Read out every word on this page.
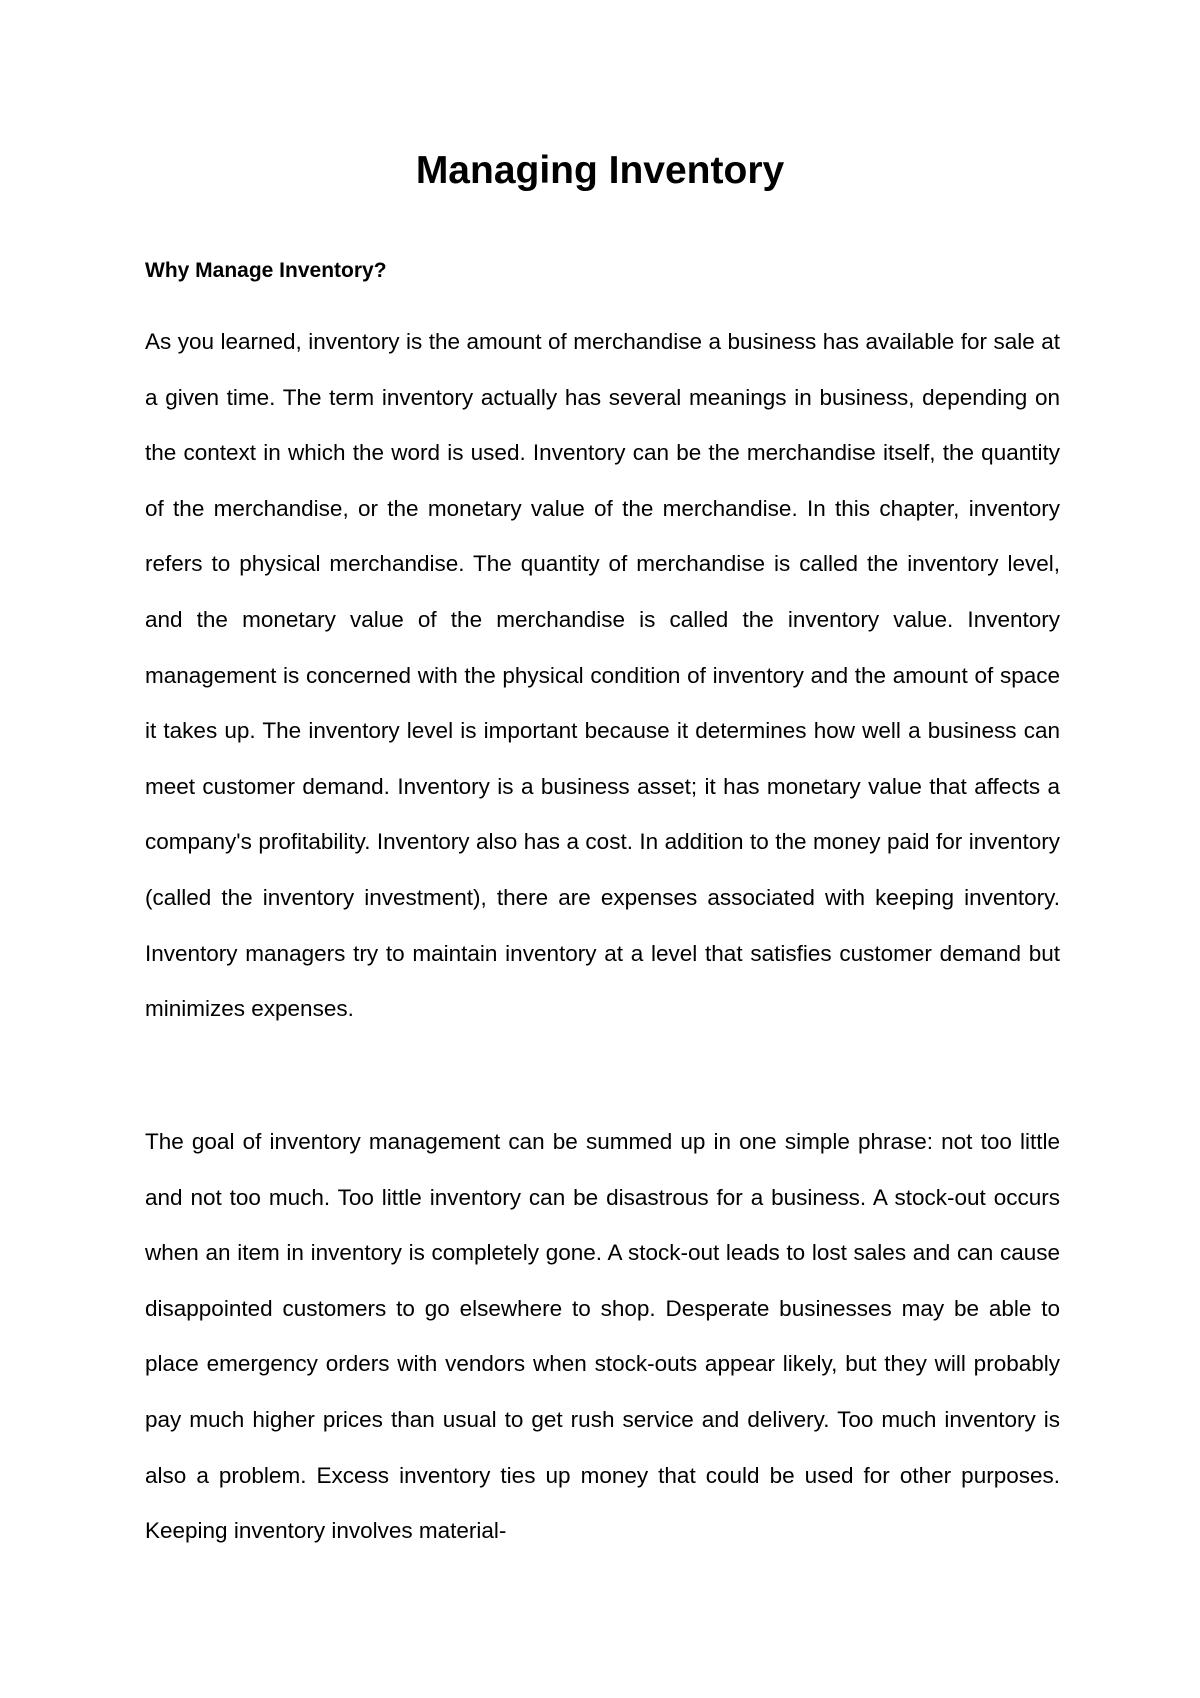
Managing Inventory
Why Manage Inventory?

As you learned, inventory is the amount of merchandise a business has available for sale at a given time. The term inventory actually has several meanings in business, depending on the context in which the word is used. Inventory can be the merchandise itself, the quantity of the merchandise, or the monetary value of the merchandise. In this chapter, inventory refers to physical merchandise. The quantity of merchandise is called the inventory level, and the monetary value of the merchandise is called the inventory value. Inventory management is concerned with the physical condition of inventory and the amount of space it takes up. The inventory level is important because it determines how well a business can meet customer demand. Inventory is a business asset; it has monetary value that affects a company's profitability. Inventory also has a cost. In addition to the money paid for inventory (called the inventory investment), there are expenses associated with keeping inventory. Inventory managers try to maintain inventory at a level that satisfies customer demand but minimizes expenses.

The goal of inventory management can be summed up in one simple phrase: not too little and not too much. Too little inventory can be disastrous for a business. A stock-out occurs when an item in inventory is completely gone. A stock-out leads to lost sales and can cause disappointed customers to go elsewhere to shop. Desperate businesses may be able to place emergency orders with vendors when stock-outs appear likely, but they will probably pay much higher prices than usual to get rush service and delivery. Too much inventory is also a problem. Excess inventory ties up money that could be used for other purposes. Keeping inventory involves material-
